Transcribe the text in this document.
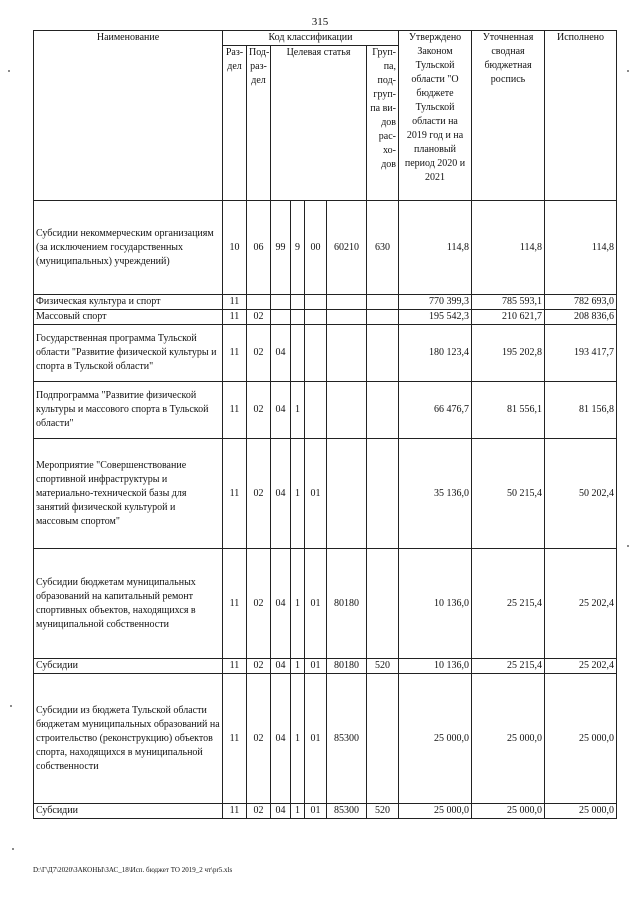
315
Наименование	Код классификации							Утверждено Законом Тульской области "О бюджете Тульской области на 2019 год и на плановый период 2020 и 2021	Уточненная сводная бюджетная роспись	Исполнено
	Раз-дел	Под-раз-дел	Целевая статья				Груп-па, под-груп-па ви-дов рас-хо-дов			
Субсидии некоммерческим организациям (за исключением государственных (муниципальных) учреждений)	10	06	99	9	00	60210	630	114,8	114,8	114,8
Физическая культура и спорт	11							770 399,3	785 593,1	782 693,0
Массовый спорт	11	02						195 542,3	210 621,7	208 836,6
Государственная программа Тульской области "Развитие физической культуры и спорта в Тульской области"	11	02	04					180 123,4	195 202,8	193 417,7
Подпрограмма "Развитие физической культуры и массового спорта в Тульской области"	11	02	04	1				66 476,7	81 556,1	81 156,8
Мероприятие "Совершенствование спортивной инфраструктуры и материально-технической базы для занятий физической культурой и массовым спортом"	11	02	04	1	01			35 136,0	50 215,4	50 202,4
Субсидии бюджетам муниципальных образований на капитальный ремонт спортивных объектов, находящихся в муниципальной собственности	11	02	04	1	01	80180		10 136,0	25 215,4	25 202,4
Субсидии	11	02	04	1	01	80180	520	10 136,0	25 215,4	25 202,4
Субсидии из бюджета Тульской области бюджетам муниципальных образований на строительство (реконструкцию) объектов спорта, находящихся в муниципальной собственности	11	02	04	1	01	85300		25 000,0	25 000,0	25 000,0
Субсидии	11	02	04	1	01	85300	520	25 000,0	25 000,0	25 000,0
D:\Г\Д7\2020\ЗАКОНЫ\ЗАС_18\Исп. бюджет ТО 2019_2 чт\pr5.xls
